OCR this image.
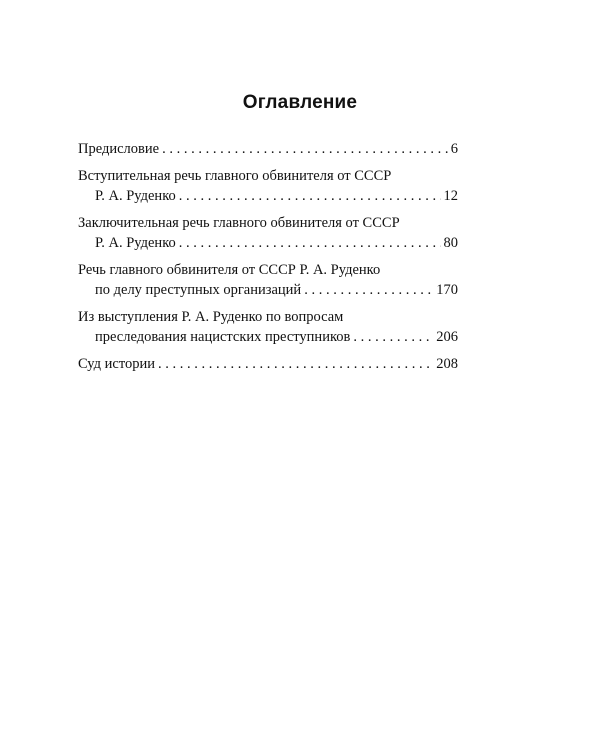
Оглавление
Предисловие . . .	6
Вступительная речь главного обвинителя от СССР
Р. А. Руденко . . .	12
Заключительная речь главного обвинителя от СССР
Р. А. Руденко . . .	80
Речь главного обвинителя от СССР Р. А. Руденко
по делу преступных организаций . . .	170
Из выступления Р. А. Руденко по вопросам
преследования нацистских преступников . . .	206
Суд истории . . .	208
